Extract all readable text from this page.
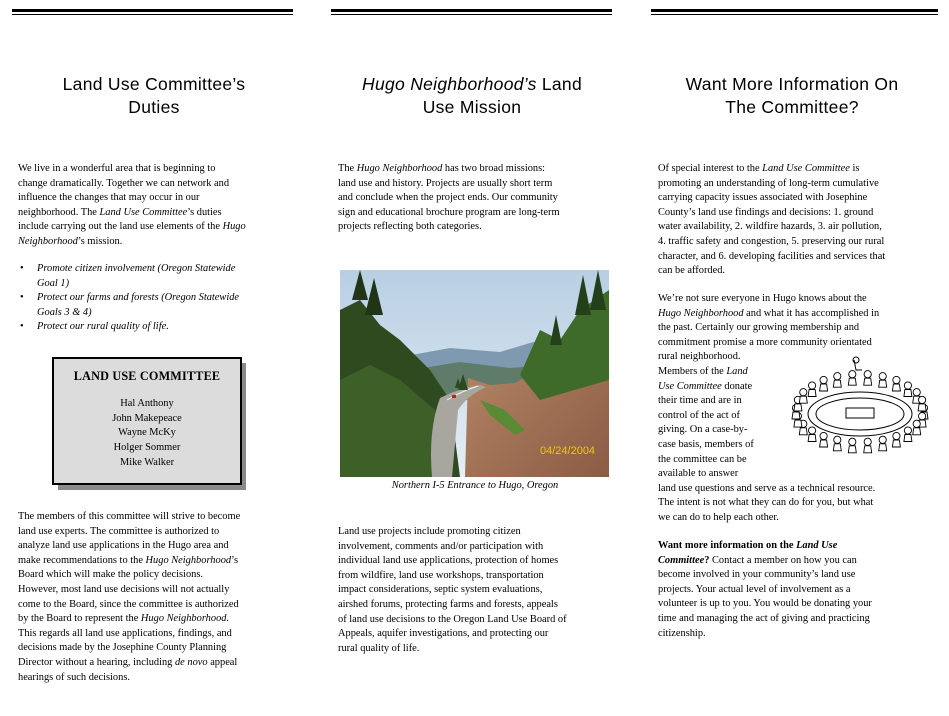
Land Use Committee’s
Duties
We live in a wonderful area that is beginning to
change dramatically. Together we can network and
influence the changes that may occur in our
neighborhood. The Land Use Committee’s duties
include carrying out the land use elements of the Hugo
Neighborhood’s mission.
• Promote citizen involvement (Oregon Statewide
Goal 1)
• Protect our farms and forests (Oregon Statewide
Goals 3 & 4)
• Protect our rural quality of life.
LAND USE COMMITTEE
Hal Anthony
John Makepeace
Wayne McKy
Holger Sommer
Mike Walker
The members of this committee will strive to become
land use experts. The committee is authorized to
analyze land use applications in the Hugo area and
make recommendations to the Hugo Neighborhood’s
Board which will make the policy decisions.
However, most land use decisions will not actually
come to the Board, since the committee is authorized
by the Board to represent the Hugo Neighborhood.
This regards all land use applications, findings, and
decisions made by the Josephine County Planning
Director without a hearing, including de novo appeal
hearings of such decisions.
Hugo Neighborhood’s Land
Use Mission
The Hugo Neighborhood has two broad missions:
land use and history. Projects are usually short term
and conclude when the project ends. Our community
sign and educational brochure program are long-term
projects reflecting both categories.
04/24/2004
Northern I-5 Entrance to Hugo, Oregon
Land use projects include promoting citizen
involvement, comments and/or participation with
individual land use applications, protection of homes
from wildfire, land use workshops, transportation
impact considerations, septic system evaluations,
airshed forums, protecting farms and forests, appeals
of land use decisions to the Oregon Land Use Board of
Appeals, aquifer investigations, and protecting our
rural quality of life.
Want More Information On
The Committee?
Of special interest to the Land Use Committee is
promoting an understanding of long-term cumulative
carrying capacity issues associated with Josephine
County’s land use findings and decisions: 1. ground
water availability, 2. wildfire hazards, 3. air pollution,
4. traffic safety and congestion, 5. preserving our rural
character, and 6. developing facilities and services that
can be afforded.
We’re not sure everyone in Hugo knows about the
Hugo Neighborhood and what it has accomplished in
the past. Certainly our growing membership and
commitment promise a more community orientated
rural neighborhood.
Members of the Land
Use Committee donate
their time and are in
control of the act of
giving. On a case-by-
case basis, members of
the committee can be
available to answer
land use questions and serve as a technical resource.
The intent is not what they can do for you, but what
we can do to help each other.
Want more information on the Land Use
Committee? Contact a member on how you can
become involved in your community’s land use
projects. Your actual level of involvement as a
volunteer is up to you. You would be donating your
time and managing the act of giving and practicing
citizenship.
